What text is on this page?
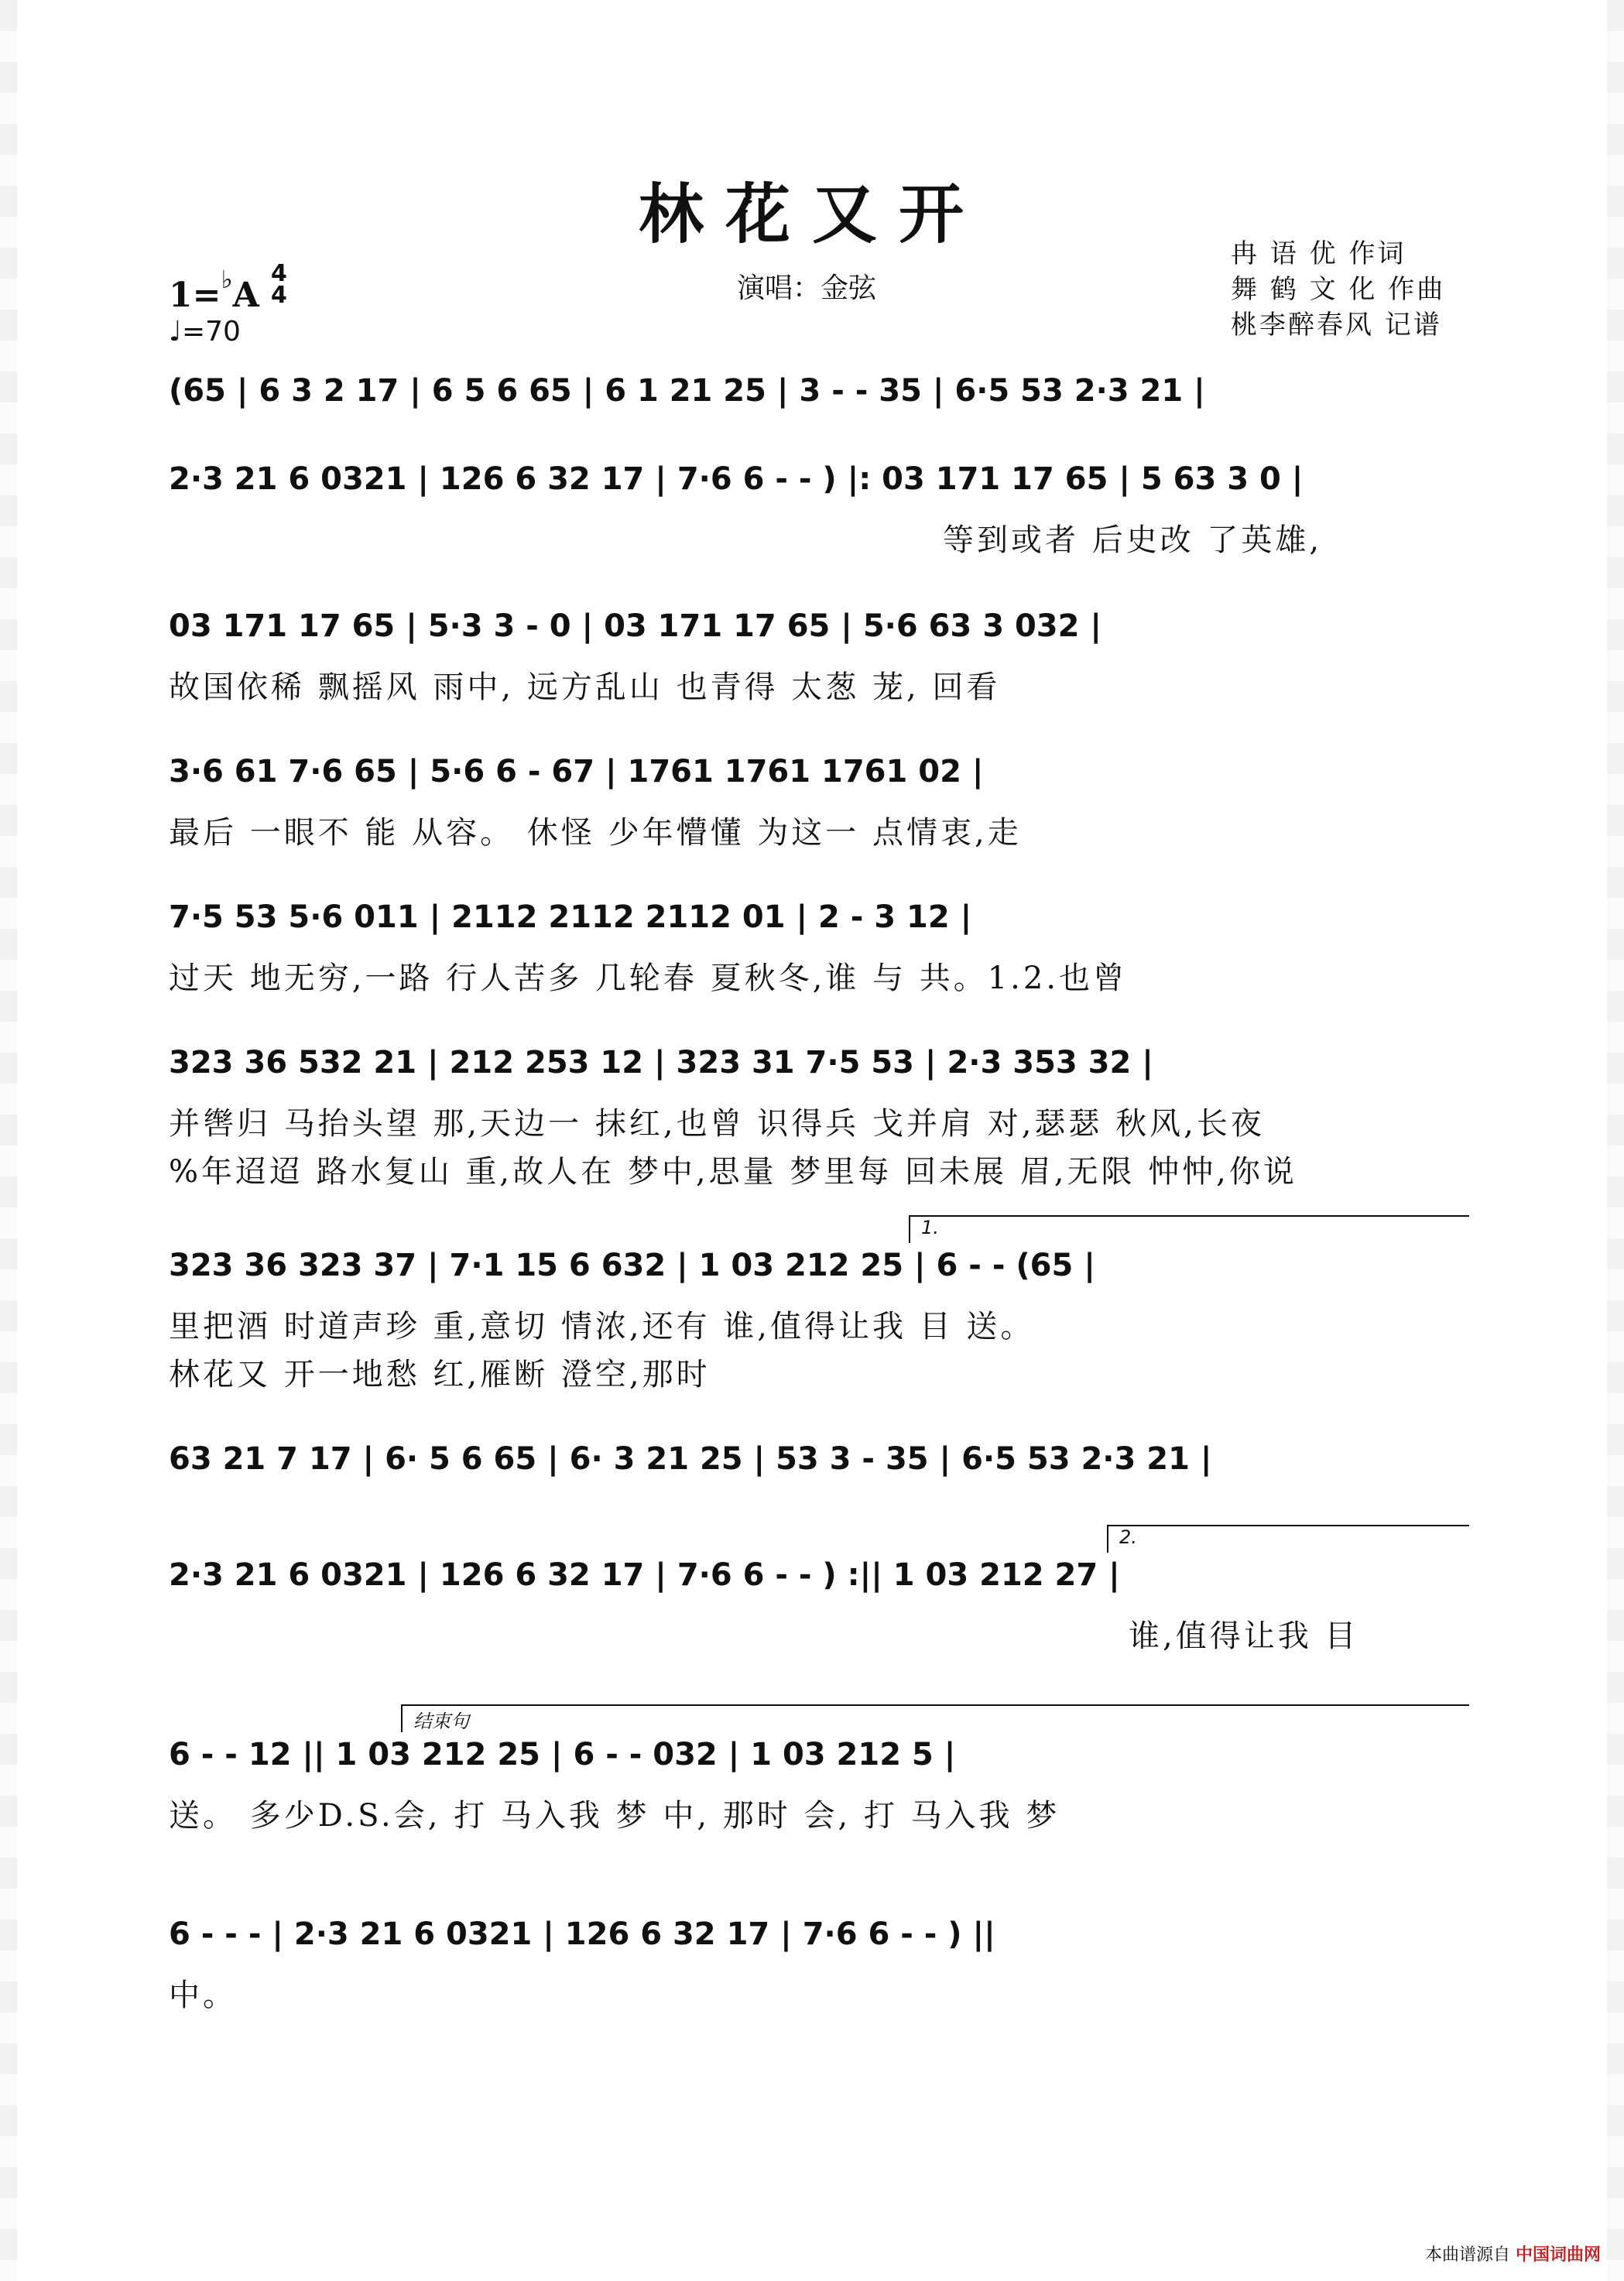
林花又开
1=♭A
4
4
♩=70
演唱：金弦
冉 语 优 作词
舞 鹤 文 化 作曲
桃李醉春风 记谱
(65 | 6 3 2 17 | 6 5 6 65 | 6 1 21 25 | 3 - - 35 | 6·5 53 2·3 21 |
2·3 21 6 0321 | 126 6 32 17 | 7·6 6 - - ) |: 03 171 17 65 | 5 63 3 0 |
等到或者 后史改 了英雄,
03 171 17 65 | 5·3 3 - 0 | 03 171 17 65 | 5·6 63 3 032 |
故国依稀 飘摇风 雨中, 远方乱山 也青得 太葱 茏, 回看
3·6 61 7·6 65 | 5·6 6 - 67 | 1761 1761 1761 02 |
最后 一眼不 能 从容。 休怪 少年懵懂 为这一 点情衷,走
7·5 53 5·6 011 | 2112 2112 2112 01 | 2 - 3 12 |
过天 地无穷,一路 行人苦多 几轮春 夏秋冬,谁 与 共。1.2.也曾
323 36 532 21 | 212 253 12 | 323 31 7·5 53 | 2·3 353 32 |
并辔归 马抬头望 那,天边一 抹红,也曾 识得兵 戈并肩 对,瑟瑟 秋风,长夜
%年迢迢 路水复山 重,故人在 梦中,思量 梦里每 回未展 眉,无限 忡忡,你说
1.
323 36 323 37 | 7·1 15 6 632 | 1 03 212 25 | 6 - - (65 |
里把酒 时道声珍 重,意切 情浓,还有 谁,值得让我 目 送。
林花又 开一地愁 红,雁断 澄空,那时
63 21 7 17 | 6· 5 6 65 | 6· 3 21 25 | 53 3 - 35 | 6·5 53 2·3 21 |
2.
2·3 21 6 0321 | 126 6 32 17 | 7·6 6 - - ) :|| 1 03 212 27 |
谁,值得让我 目
结束句
6 - - 12 || 1 03 212 25 | 6 - - 032 | 1 03 212 5 |
送。 多少D.S.会, 打 马入我 梦 中, 那时 会, 打 马入我 梦
6 - - - | 2·3 21 6 0321 | 126 6 32 17 | 7·6 6 - - ) ||
中。
本曲谱源自 中国词曲网
